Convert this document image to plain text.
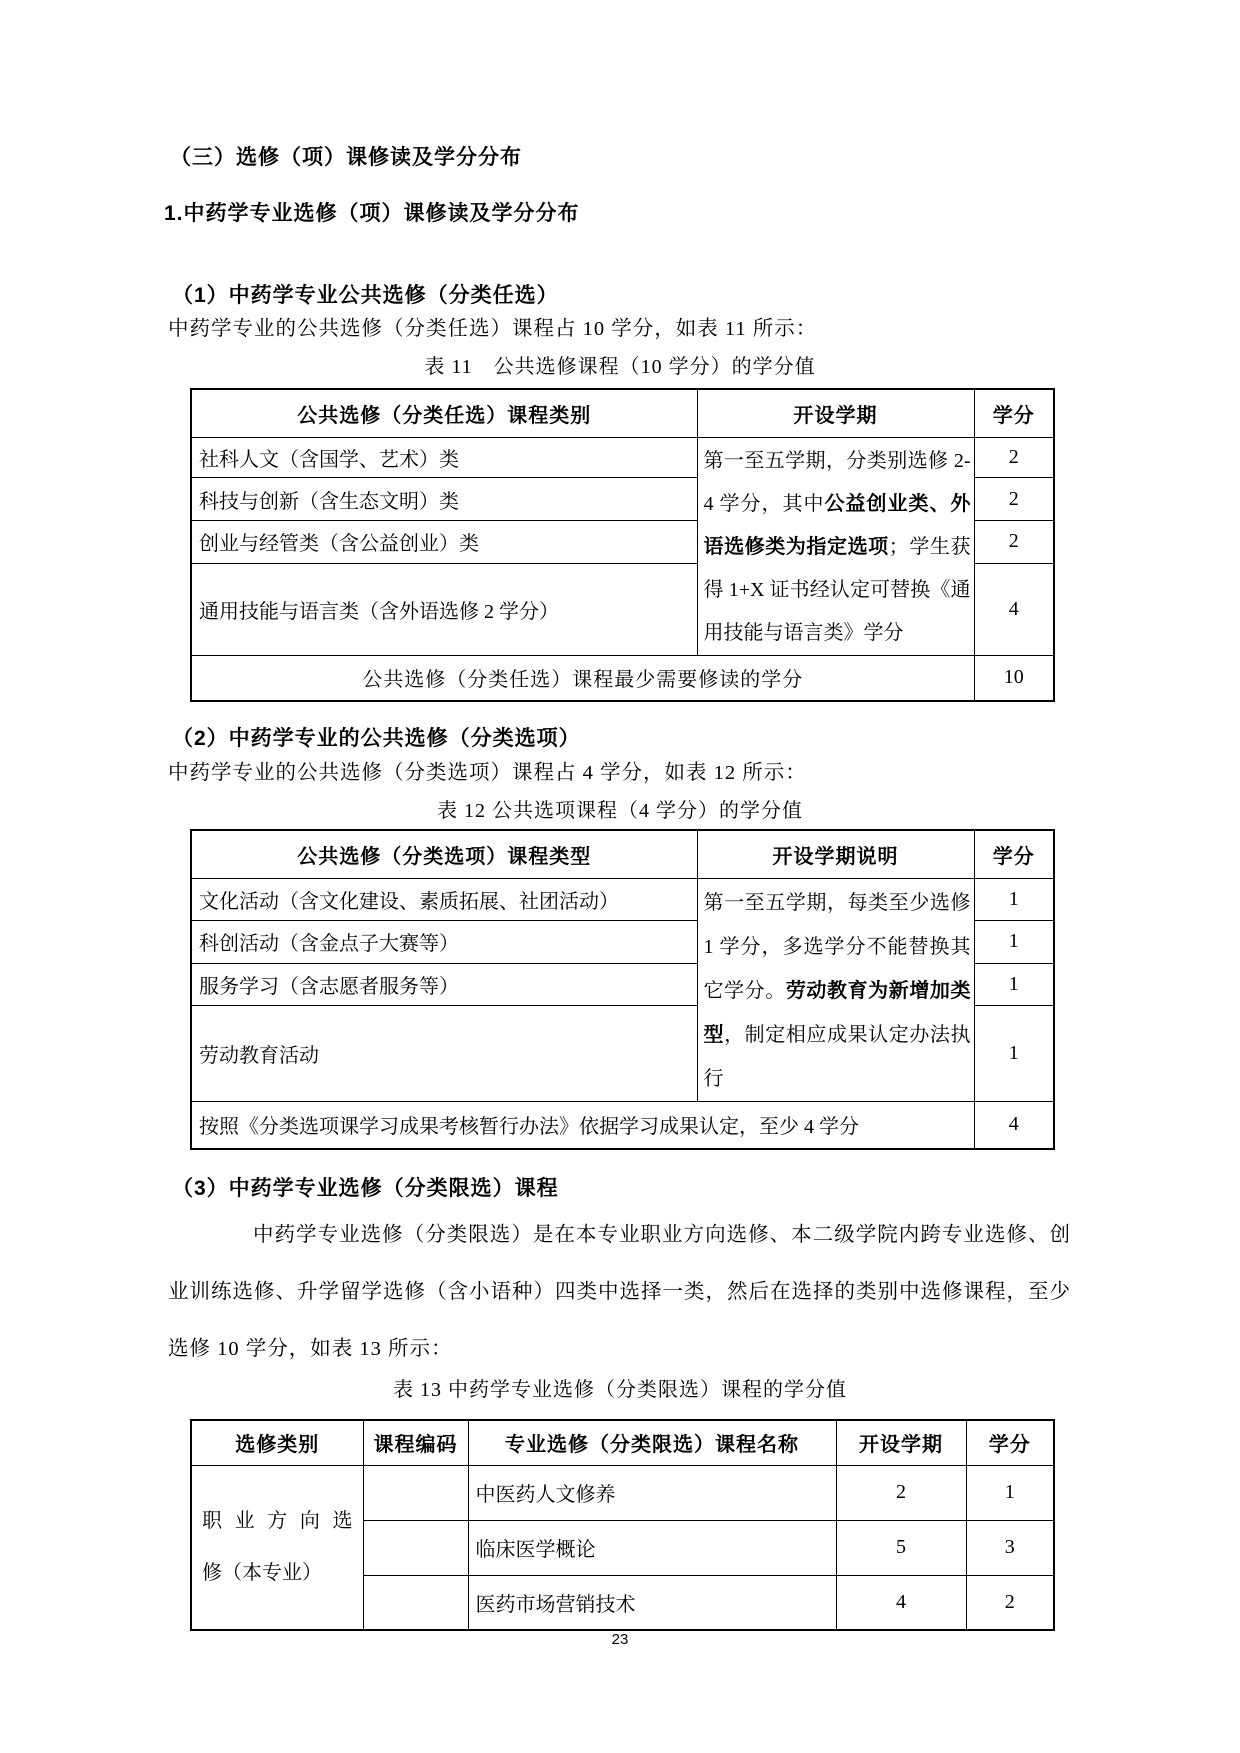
（三）选修（项）课修读及学分分布
1.中药学专业选修（项）课修读及学分分布
（1）中药学专业公共选修（分类任选）
中药学专业的公共选修（分类任选）课程占 10 学分，如表 11 所示：
表 11　公共选修课程（10 学分）的学分值
公共选修（分类任选）课程类别	开设学期	学分
社科人文（含国学、艺术）类	第一至五学期，分类别选修 2-4 学分，其中公益创业类、外语选修类为指定选项；学生获得 1+X 证书经认定可替换《通用技能与语言类》学分	2
科技与创新（含生态文明）类		2
创业与经管类（含公益创业）类		2
通用技能与语言类（含外语选修 2 学分）		4
公共选修（分类任选）课程最少需要修读的学分		10
（2）中药学专业的公共选修（分类选项）
中药学专业的公共选修（分类选项）课程占 4 学分，如表 12 所示：
表 12 公共选项课程（4 学分）的学分值
公共选修（分类选项）课程类型	开设学期说明	学分
文化活动（含文化建设、素质拓展、社团活动）	第一至五学期，每类至少选修 1 学分，多选学分不能替换其它学分。劳动教育为新增加类型，制定相应成果认定办法执行	1
科创活动（含金点子大赛等）		1
服务学习（含志愿者服务等）		1
劳动教育活动		1
按照《分类选项课学习成果考核暂行办法》依据学习成果认定，至少 4 学分		4
（3）中药学专业选修（分类限选）课程
中药学专业选修（分类限选）是在本专业职业方向选修、本二级学院内跨专业选修、创业训练选修、升学留学选修（含小语种）四类中选择一类，然后在选择的类别中选修课程，至少选修 10 学分，如表 13 所示：
表 13 中药学专业选修（分类限选）课程的学分值
选修类别	课程编码	专业选修（分类限选）课程名称	开设学期	学分

职业方向选
修（本专业）		中医药人文修养	2	1
		临床医学概论	5	3
		医药市场营销技术	4	2
23
